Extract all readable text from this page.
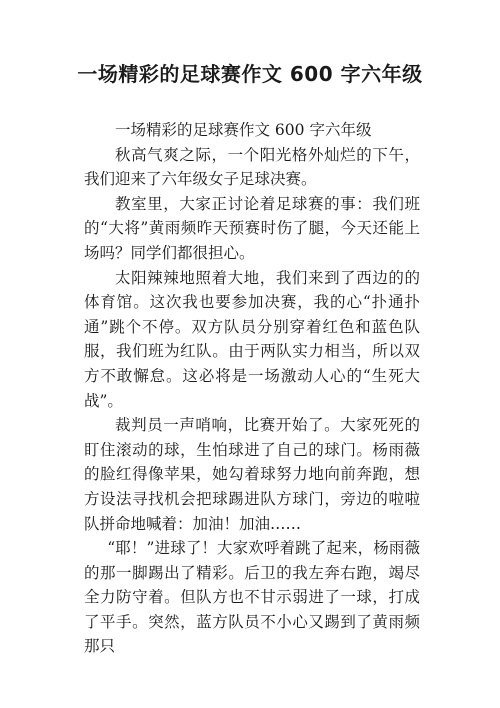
一场精彩的足球赛作文 600 字六年级

一场精彩的足球赛作文 600 字六年级

秋高气爽之际，一个阳光格外灿烂的下午，我们迎来了六年级女子足球决赛。

教室里，大家正讨论着足球赛的事：我们班的“大将”黄雨频昨天预赛时伤了腿，今天还能上场吗？同学们都很担心。

太阳辣辣地照着大地，我们来到了西边的的体育馆。这次我也要参加决赛，我的心“扑通扑通”跳个不停。双方队员分别穿着红色和蓝色队服，我们班为红队。由于两队实力相当，所以双方不敢懈怠。这必将是一场激动人心的“生死大战”。

裁判员一声哨响，比赛开始了。大家死死的盯住滚动的球，生怕球进了自己的球门。杨雨薇的脸红得像苹果，她勾着球努力地向前奔跑，想方设法寻找机会把球踢进队方球门，旁边的啦啦队拼命地喊着：加油！加油……

“耶！”进球了！大家欢呼着跳了起来，杨雨薇的那一脚踢出了精彩。后卫的我左奔右跑，竭尽全力防守着。但队方也不甘示弱进了一球，打成了平手。突然，蓝方队员不小心又踢到了黄雨频那只
